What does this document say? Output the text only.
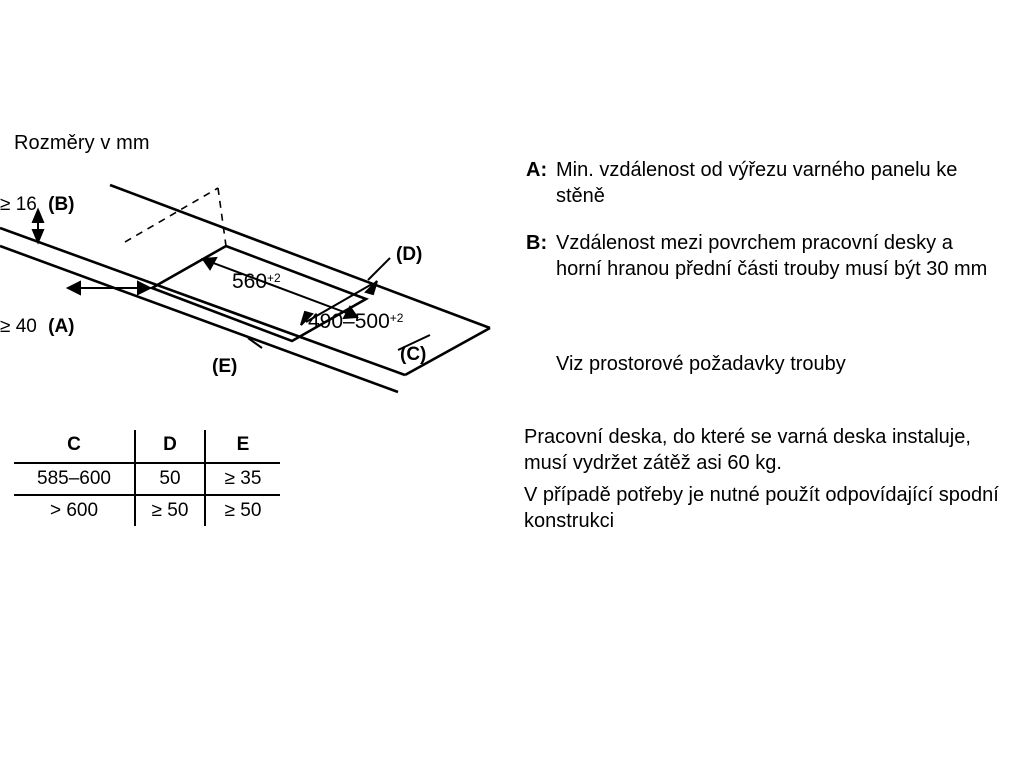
Rozměry v mm
≥ 16 (B)
≥ 40 (A)
$560^{+2}$
$490-500^{+2}$
(D)
(C)
(E)
C	D	E
585–600	50	≥ 35
> 600	≥ 50	≥ 50
A: Min. vzdálenost od výřezu varného panelu ke stěně
B: Vzdálenost mezi povrchem pracovní desky a horní hranou přední části trouby musí být 30 mm
Viz prostorové požadavky trouby
Pracovní deska, do které se varná deska instaluje, musí vydržet zátěž asi 60 kg.
V případě potřeby je nutné použít odpovídající spodní konstrukci
